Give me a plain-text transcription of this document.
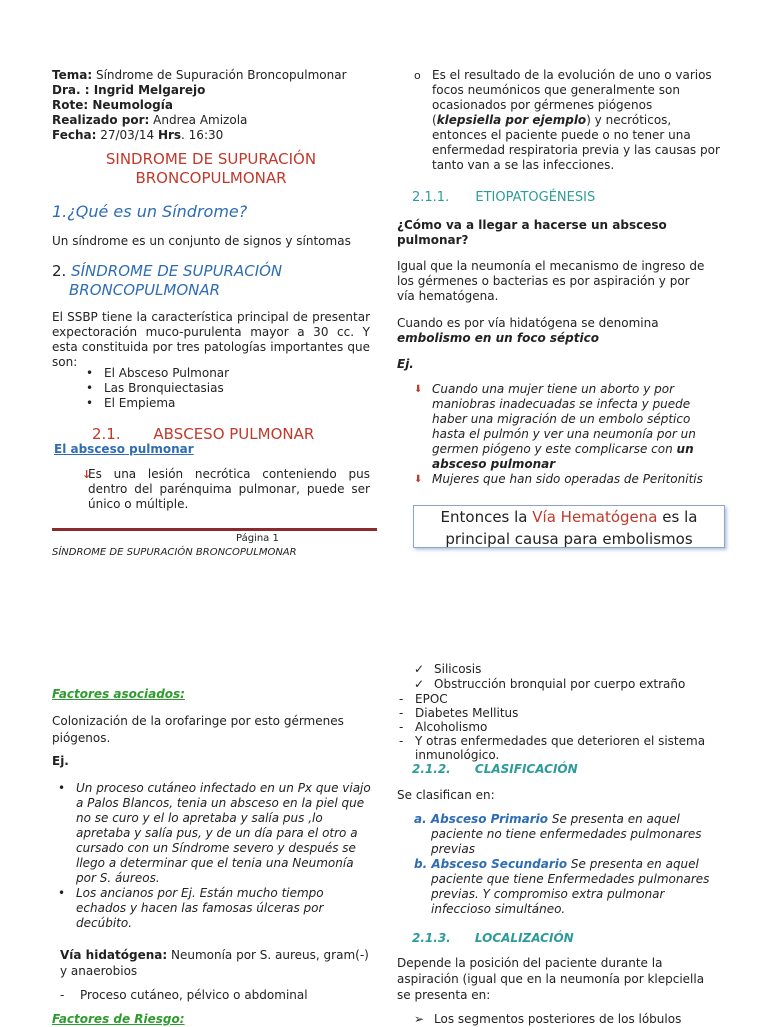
Tema: Síndrome de Supuración Broncopulmonar

Dra. : Ingrid Melgarejo

Rote: Neumología

Realizado por: Andrea Amizola

Fecha: 27/03/14 Hrs. 16:30

SINDROME DE SUPURACIÓN

BRONCOPULMONAR

1.¿Qué es un Síndrome?

Un síndrome es un conjunto de signos y síntomas

2. SÍNDROME DE SUPURACIÓN
BRONCOPULMONAR

El SSBP tiene la característica principal de presentar expectoración muco-purulenta mayor a 30 cc. Y esta constituida por tres patologías importantes que son:

• El Absceso Pulmonar
• Las Bronquiectasias
• El Empiema
2.1. ABSCESO PULMONAR

El absceso pulmonar

↓ Es una lesión necrótica conteniendo pus dentro del parénquima pulmonar, puede ser único o múltiple.

Página 1

SÍNDROME DE SUPURACIÓN BRONCOPULMONAR

o Es el resultado de la evolución de uno o varios focos neumónicos que generalmente son ocasionados por gérmenes piógenos (klepsiella por ejemplo) y necróticos, entonces el paciente puede o no tener una enfermedad respiratoria previa y las causas por tanto van a se las infecciones.
2.1.1. ETIOPATOGÉNESIS

¿Cómo va a llegar a hacerse un absceso pulmonar?

Igual que la neumonía el mecanismo de ingreso de los gérmenes o bacterias es por aspiración y por vía hematógena.

Cuando es por vía hidatógena se denomina

embolismo en un foco séptico

Ej.

⬇ Cuando una mujer tiene un aborto y por maniobras inadecuadas se infecta y puede haber una migración de un embolo séptico hasta el pulmón y ver una neumonía por un germen piógeno y este complicarse con un absceso pulmonar
⬇ Mujeres que han sido operadas de Peritonitis
Entonces la Vía Hematógena es la principal causa para embolismos

Factores asociados:

Colonización de la orofaringe por esto gérmenes piógenos.

Ej.

• Un proceso cutáneo infectado en un Px que viajo a Palos Blancos, tenia un absceso en la piel que no se curo y el lo apretaba y salía pus ,lo apretaba y salía pus, y de un día para el otro a cursado con un Síndrome severo y después se llego a determinar que el tenia una Neumonía por S. áureos.
• Los ancianos por Ej. Están mucho tiempo echados y hacen las famosas úlceras por decúbito.

Vía hidatógena: Neumonía por S. aureus, gram(-) y anaerobios

- Proceso cutáneo, pélvico o abdominal

Factores de Riesgo:

✓ Silicosis
✓ Obstrucción bronquial por cuerpo extraño
- EPOC
- Diabetes Mellitus
- Alcoholismo
- Y otras enfermedades que deterioren el sistema inmunológico.
2.1.2. CLASIFICACIÓN

Se clasifican en:

a. Absceso Primario Se presenta en aquel paciente no tiene enfermedades pulmonares previas

b. Absceso Secundario Se presenta en aquel paciente que tiene Enfermedades pulmonares previas. Y compromiso extra pulmonar infeccioso simultáneo.

2.1.3. LOCALIZACIÓN

Depende la posición del paciente durante la aspiración (igual que en la neumonía por klepciella se presenta en:

➢ Los segmentos posteriores de los lóbulos
